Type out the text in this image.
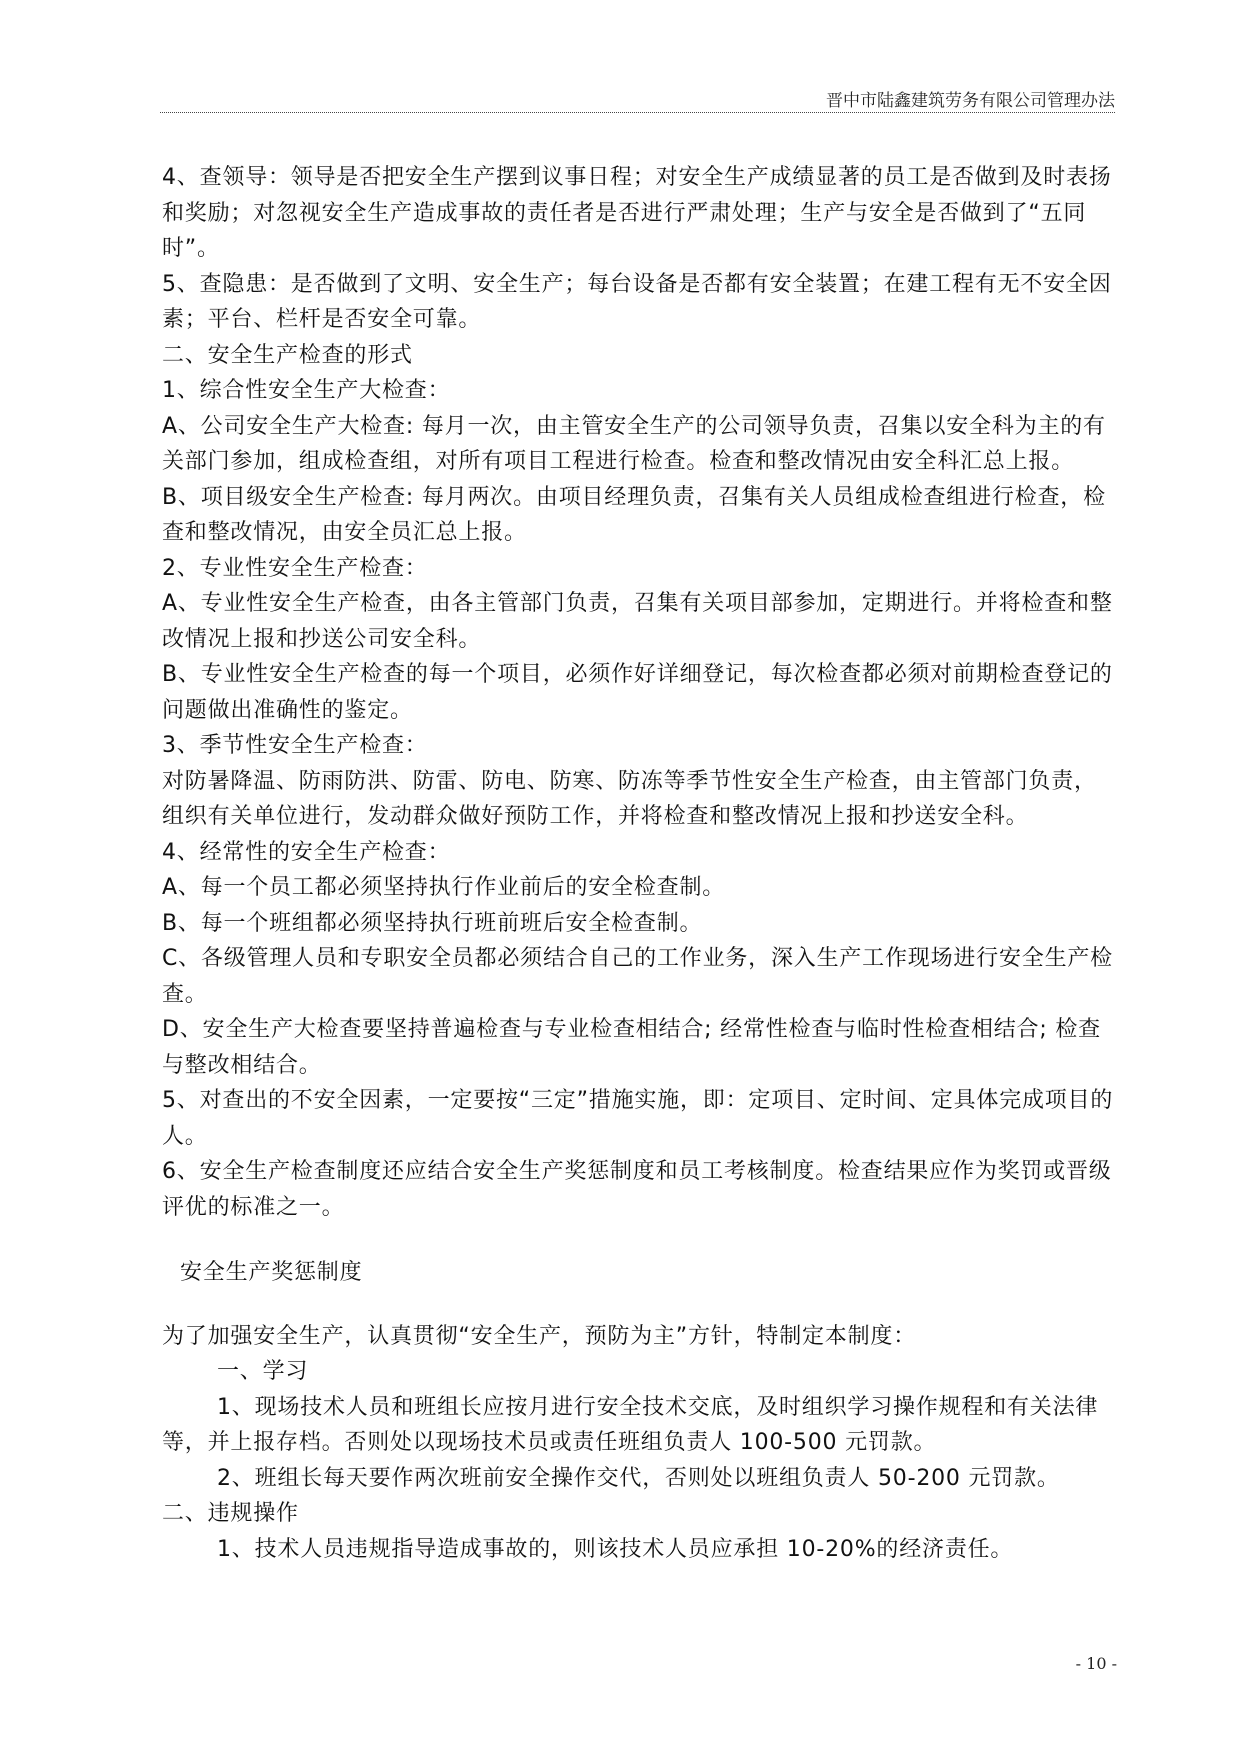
晋中市陆鑫建筑劳务有限公司管理办法

4、查领导：领导是否把安全生产摆到议事日程；对安全生产成绩显著的员工是否做到及时表扬和奖励；对忽视安全生产造成事故的责任者是否进行严肃处理；生产与安全是否做到了“五同时”。

5、查隐患：是否做到了文明、安全生产；每台设备是否都有安全装置；在建工程有无不安全因素；平台、栏杆是否安全可靠。

二、安全生产检查的形式

1、综合性安全生产大检查：

A、公司安全生产大检查: 每月一次，由主管安全生产的公司领导负责，召集以安全科为主的有关部门参加，组成检查组，对所有项目工程进行检查。检查和整改情况由安全科汇总上报。

B、项目级安全生产检查: 每月两次。由项目经理负责，召集有关人员组成检查组进行检查，检查和整改情况，由安全员汇总上报。

2、专业性安全生产检查：

A、专业性安全生产检查，由各主管部门负责，召集有关项目部参加，定期进行。并将检查和整改情况上报和抄送公司安全科。

B、专业性安全生产检查的每一个项目，必须作好详细登记，每次检查都必须对前期检查登记的问题做出准确性的鉴定。

3、季节性安全生产检查：

对防暑降温、防雨防洪、防雷、防电、防寒、防冻等季节性安全生产检查，由主管部门负责，组织有关单位进行，发动群众做好预防工作，并将检查和整改情况上报和抄送安全科。

4、经常性的安全生产检查：

A、每一个员工都必须坚持执行作业前后的安全检查制。

B、每一个班组都必须坚持执行班前班后安全检查制。

C、各级管理人员和专职安全员都必须结合自己的工作业务，深入生产工作现场进行安全生产检查。

D、安全生产大检查要坚持普遍检查与专业检查相结合; 经常性检查与临时性检查相结合; 检查与整改相结合。

5、对查出的不安全因素，一定要按“三定”措施实施，即：定项目、定时间、定具体完成项目的人。

6、安全生产检查制度还应结合安全生产奖惩制度和员工考核制度。检查结果应作为奖罚或晋级评优的标准之一。

安全生产奖惩制度

为了加强安全生产，认真贯彻“安全生产，预防为主”方针，特制定本制度：

一、学习

1、现场技术人员和班组长应按月进行安全技术交底，及时组织学习操作规程和有关法律等，并上报存档。否则处以现场技术员或责任班组负责人 100-500 元罚款。

2、班组长每天要作两次班前安全操作交代，否则处以班组负责人 50-200 元罚款。

二、违规操作

1、技术人员违规指导造成事故的，则该技术人员应承担 10-20%的经济责任。

- 10 -
